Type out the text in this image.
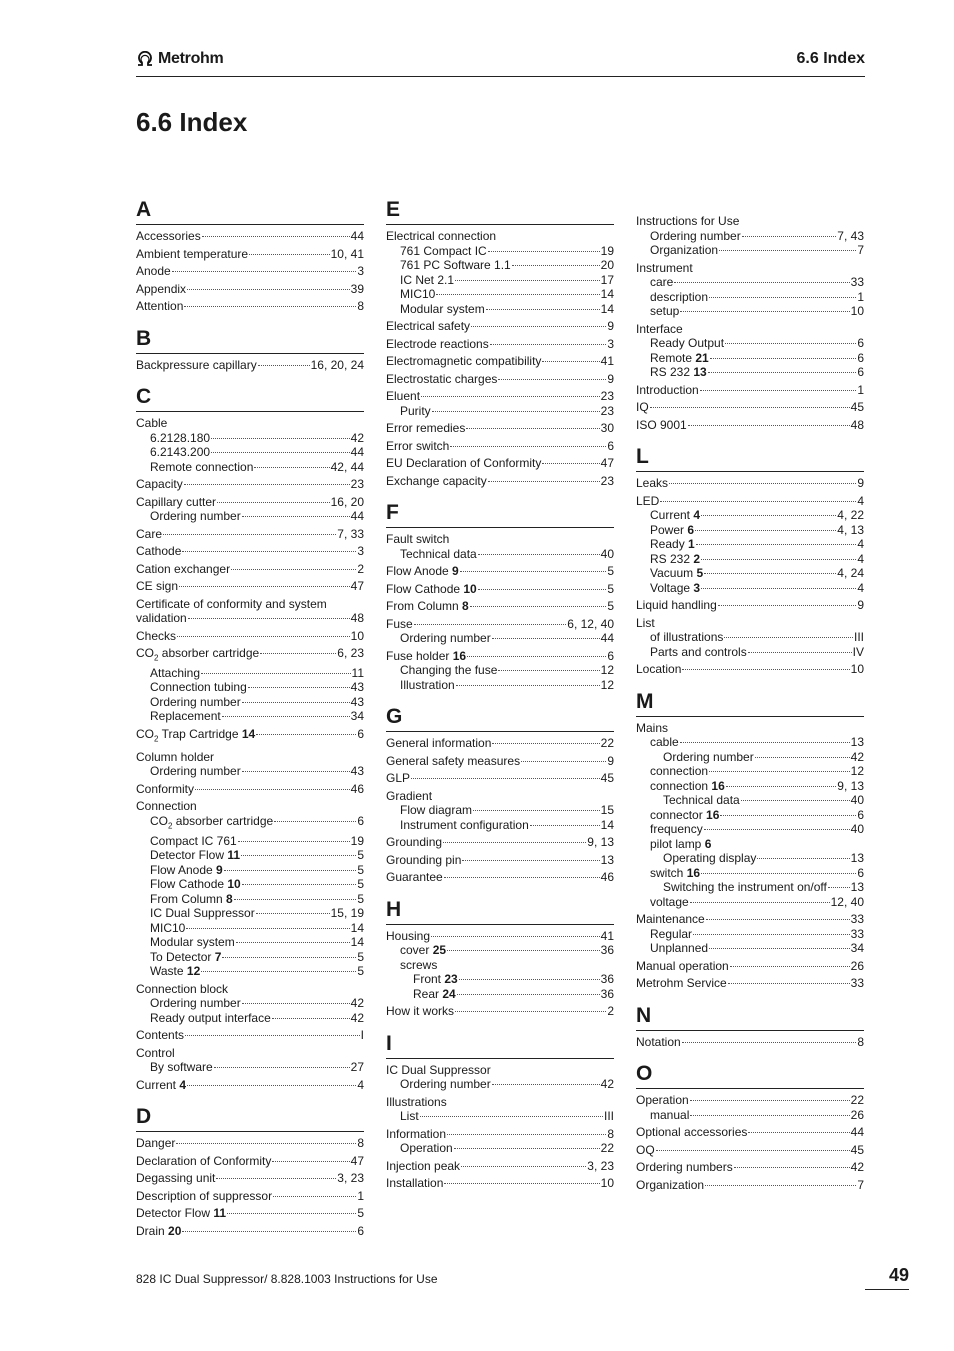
Metrohm	6.6 Index
6.6 Index
A
Accessories	44
Ambient temperature	10, 41
Anode	3
Appendix	39
Attention	8
B
Backpressure capillary	16, 20, 24
C
Cable
6.2128.180	42
6.2143.200	44
Remote connection	42, 44
Capacity	23
Capillary cutter	16, 20
Ordering number	44
Care	7, 33
Cathode	3
Cation exchanger	2
CE sign	47
Certificate of conformity and system
validation	48
Checks	10
$CO_2$ absorber cartridge	6, 23
Attaching	11
Connection tubing	43
Ordering number	43
Replacement	34
$CO_2$ Trap Cartridge 14	6
Column holder
Ordering number	43
Conformity	46
Connection
$CO_2$ absorber cartridge	6
Compact IC 761	19
Detector Flow 11	5
Flow Anode 9	5
Flow Cathode 10	5
From Column 8	5
IC Dual Suppressor	15, 19
MIC10	14
Modular system	14
To Detector 7	5
Waste 12	5
Connection block
Ordering number	42
Ready output interface	42
Contents	I
Control
By software	27
Current 4	4
D
Danger	8
Declaration of Conformity	47
Degassing unit	3, 23
Description of suppressor	1
Detector Flow 11	5
Drain 20	6
E
Electrical connection
761 Compact IC	19
761 PC Software 1.1	20
IC Net 2.1	17
MIC10	14
Modular system	14
Electrical safety	9
Electrode reactions	3
Electromagnetic compatibility	41
Electrostatic charges	9
Eluent	23
Purity	23
Error remedies	30
Error switch	6
EU Declaration of Conformity	47
Exchange capacity	23
F
Fault switch
Technical data	40
Flow Anode 9	5
Flow Cathode 10	5
From Column 8	5
Fuse	6, 12, 40
Ordering number	44
Fuse holder 16	6
Changing the fuse	12
Illustration	12
G
General information	22
General safety measures	9
GLP	45
Gradient
Flow diagram	15
Instrument configuration	14
Grounding	9, 13
Grounding pin	13
Guarantee	46
H
Housing	41
cover 25	36
screws
Front 23	36
Rear 24	36
How it works	2
I
IC Dual Suppressor
Ordering number	42
Illustrations
List	III
Information	8
Operation	22
Injection peak	3, 23
Installation	10
Instructions for Use
Ordering number	7, 43
Organization	7
Instrument
care	33
description	1
setup	10
Interface
Ready Output	6
Remote 21	6
RS 232 13	6
Introduction	1
IQ	45
ISO 9001	48
L
Leaks	9
LED	4
Current 4	4, 22
Power 6	4, 13
Ready 1	4
RS 232 2	4
Vacuum 5	4, 24
Voltage 3	4
Liquid handling	9
List
of illustrations	III
Parts and controls	IV
Location	10
M
Mains
cable	13
Ordering number	42
connection	12
connection 16	9, 13
Technical data	40
connector 16	6
frequency	40
pilot lamp 6
Operating display	13
switch 16	6
Switching the instrument on/off 13
voltage	12, 40
Maintenance	33
Regular	33
Unplanned	34
Manual operation	26
Metrohm Service	33
N
Notation	8
O
Operation	22
manual	26
Optional accessories	44
OQ	45
Ordering numbers	42
Organization	7
828 IC Dual Suppressor/ 8.828.1003 Instructions for Use	49
